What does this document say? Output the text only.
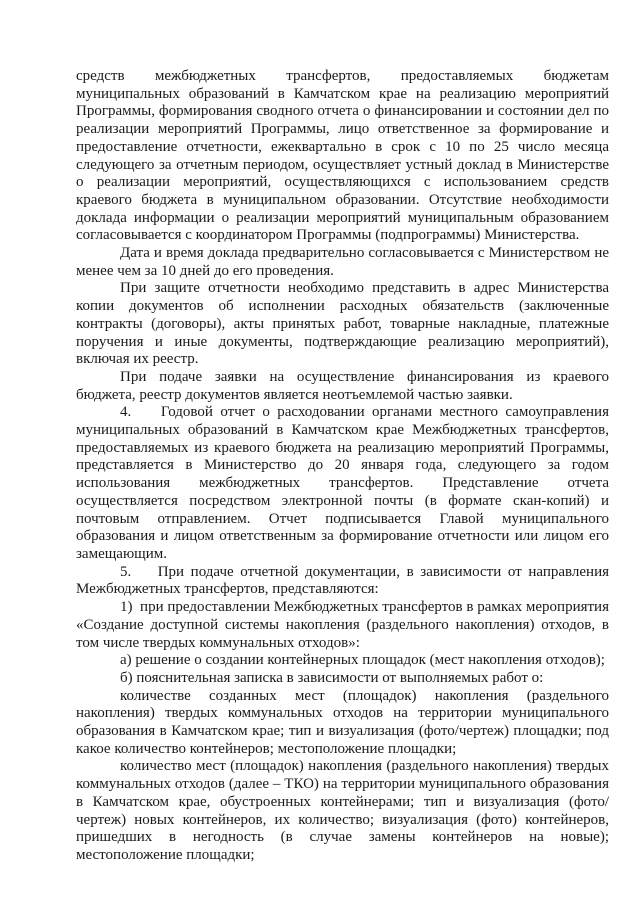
средств межбюджетных трансфертов, предоставляемых бюджетам муниципальных образований в Камчатском крае на реализацию мероприятий Программы, формирования сводного отчета о финансировании и состоянии дел по реализации мероприятий Программы, лицо ответственное за формирование и предоставление отчетности, ежеквартально в срок с 10 по 25 число месяца следующего за отчетным периодом, осуществляет устный доклад в Министерстве о реализации мероприятий, осуществляющихся с использованием средств краевого бюджета в муниципальном образовании. Отсутствие необходимости доклада информации о реализации мероприятий муниципальным образованием согласовывается с координатором Программы (подпрограммы) Министерства.

Дата и время доклада предварительно согласовывается с Министерством не менее чем за 10 дней до его проведения.

При защите отчетности необходимо представить в адрес Министерства копии документов об исполнении расходных обязательств (заключенные контракты (договоры), акты принятых работ, товарные накладные, платежные поручения и иные документы, подтверждающие реализацию мероприятий), включая их реестр.

При подаче заявки на осуществление финансирования из краевого бюджета, реестр документов является неотъемлемой частью заявки.

4.    Годовой отчет о расходовании органами местного самоуправления муниципальных образований в Камчатском крае Межбюджетных трансфертов, предоставляемых из краевого бюджета на реализацию мероприятий Программы, представляется в Министерство до 20 января года, следующего за годом использования межбюджетных трансфертов. Представление отчета осуществляется посредством электронной почты (в формате скан-копий) и почтовым отправлением. Отчет подписывается Главой муниципального образования и лицом ответственным за формирование отчетности или лицом его замещающим.

5.    При подаче отчетной документации, в зависимости от направления Межбюджетных трансфертов, представляются:

1)  при предоставлении Межбюджетных трансфертов в рамках мероприятия «Создание доступной системы накопления (раздельного накопления) отходов, в том числе твердых коммунальных отходов»:

а) решение о создании контейнерных площадок (мест накопления отходов);

б) пояснительная записка в зависимости от выполняемых работ о:

количестве созданных мест (площадок) накопления (раздельного накопления) твердых коммунальных отходов на территории муниципального образования в Камчатском крае; тип и визуализация (фото/чертеж) площадки; под какое количество контейнеров; местоположение площадки;

количество мест (площадок) накопления (раздельного накопления) твердых коммунальных отходов (далее – ТКО) на территории муниципального образования в Камчатском крае, обустроенных контейнерами; тип и визуализация (фото/чертеж) новых контейнеров, их количество; визуализация (фото) контейнеров, пришедших в негодность (в случае замены контейнеров на новые); местоположение площадки;
